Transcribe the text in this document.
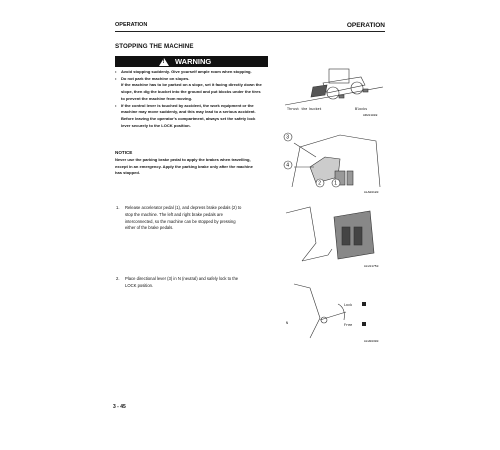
OPERATION	OPERATION
STOPPING THE MACHINE
! WARNING

• Avoid stopping suddenly. Give yourself ample room when stopping.

• Do not park the machine on slopes.

If the machine has to be parked on a slope, set it facing directly down the

slope, then dig the bucket into the ground and put blocks under the tires

to prevent the machine from moving.

• If the control lever is touched by accident, the work equipment or the

machine may move suddenly, and this may lead to a serious accident.

Before leaving the operator's compartment, always set the safety lock

lever securely to the LOCK position.

NOTICE
Never use the parking brake pedal to apply the brakes when travelling,
except in an emergency. Apply the parking brake only after the machine
has stopped.
1. Release accelerator pedal (1), and depress brake pedals (2) to
stop the machine. The left and right brake pedals are
interconnected, so the machine can be stopped by pressing
either of the brake pedals.
2. Place directional lever (3) in N (neutral) and safely lock to the
LOCK position.
Thrust the bucket	Blocks
ADU11008
3
4
2	1
ALA00180
ALU11750
Lock
Free
N
ALU00300
3 - 45
